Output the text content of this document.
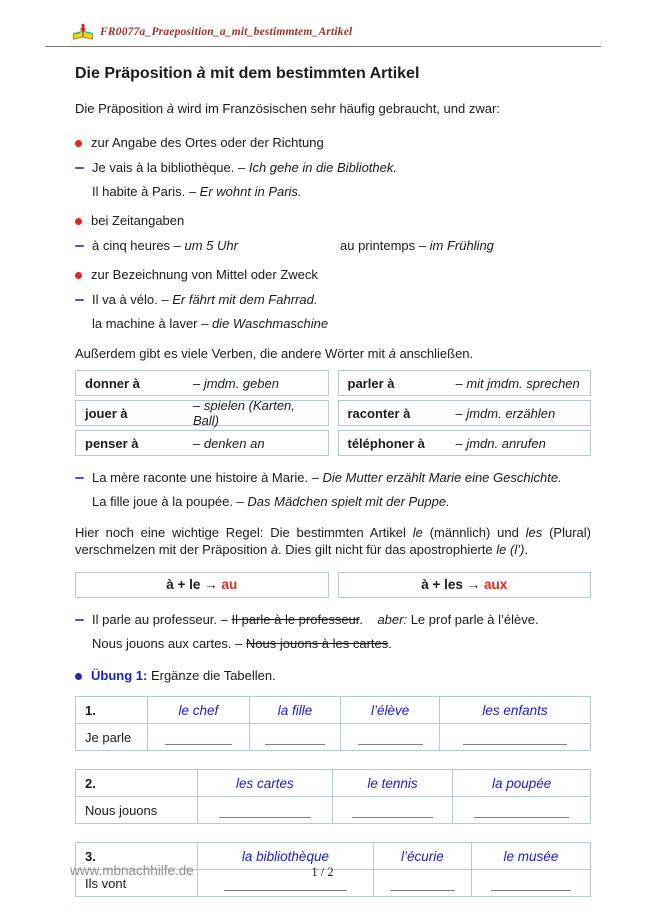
FR0077a_Praeposition_a_mit_bestimmtem_Artikel
Die Präposition à mit dem bestimmten Artikel

Die Präposition à wird im Französischen sehr häufig gebraucht, und zwar:

zur Angabe des Ortes oder der Richtung
Je vais à la bibliothèque. – Ich gehe in die Bibliothek.
Il habite à Paris. – Er wohnt in Paris.
bei Zeitangaben
à cinq heures – um 5 Uhr	au printemps – im Frühling
zur Bezeichnung von Mittel oder Zweck
Il va à vélo. – Er fährt mit dem Fahrrad.
la machine à laver – die Waschmaschine

Außerdem gibt es viele Verben, die andere Wörter mit à anschließen.

donner à	– jmdm. geben
jouer à	– spielen (Karten, Ball)
penser à	– denken an
parler à	– mit jmdm. sprechen
raconter à	– jmdm. erzählen
téléphoner à	– jmdn. anrufen
La mère raconte une histoire à Marie. – Die Mutter erzählt Marie eine Geschichte.
La fille joue à la poupée. – Das Mädchen spielt mit der Puppe.

Hier noch eine wichtige Regel: Die bestimmten Artikel le (männlich) und les (Plural) verschmelzen mit der Präposition à. Dies gilt nicht für das apostrophierte le (l’).

à + le → au	à + les → aux
Il parle au professeur. – Il parle à le professeur.    aber: Le prof parle à l’élève.
Nous jouons aux cartes. – Nous jouons à les cartes.
Übung 1: Ergänze die Tabellen.
1.	le chef	la fille	l’élève	les enfants
Je parle	

2.	les cartes	le tennis	la poupée
Nous jouons	

3.	la bibliothèque	l’écurie	le musée
Ils vont	

www.mbnachhilfe.de	1 / 2
